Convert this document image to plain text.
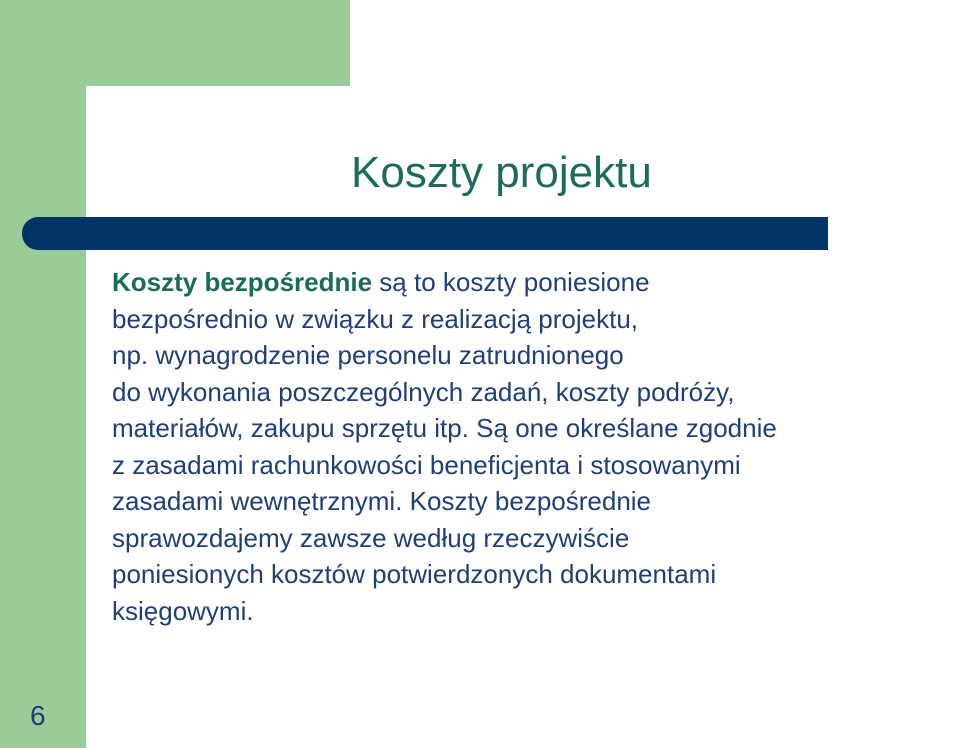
Koszty projektu
Koszty bezpośrednie są to koszty poniesione
bezpośrednio w związku z realizacją projektu,
np. wynagrodzenie personelu zatrudnionego
do wykonania poszczególnych zadań, koszty podróży,
materiałów, zakupu sprzętu itp. Są one określane zgodnie
z zasadami rachunkowości beneficjenta i stosowanymi
zasadami wewnętrznymi. Koszty bezpośrednie
sprawozdajemy zawsze według rzeczywiście
poniesionych kosztów potwierdzonych dokumentami
księgowymi.
6
